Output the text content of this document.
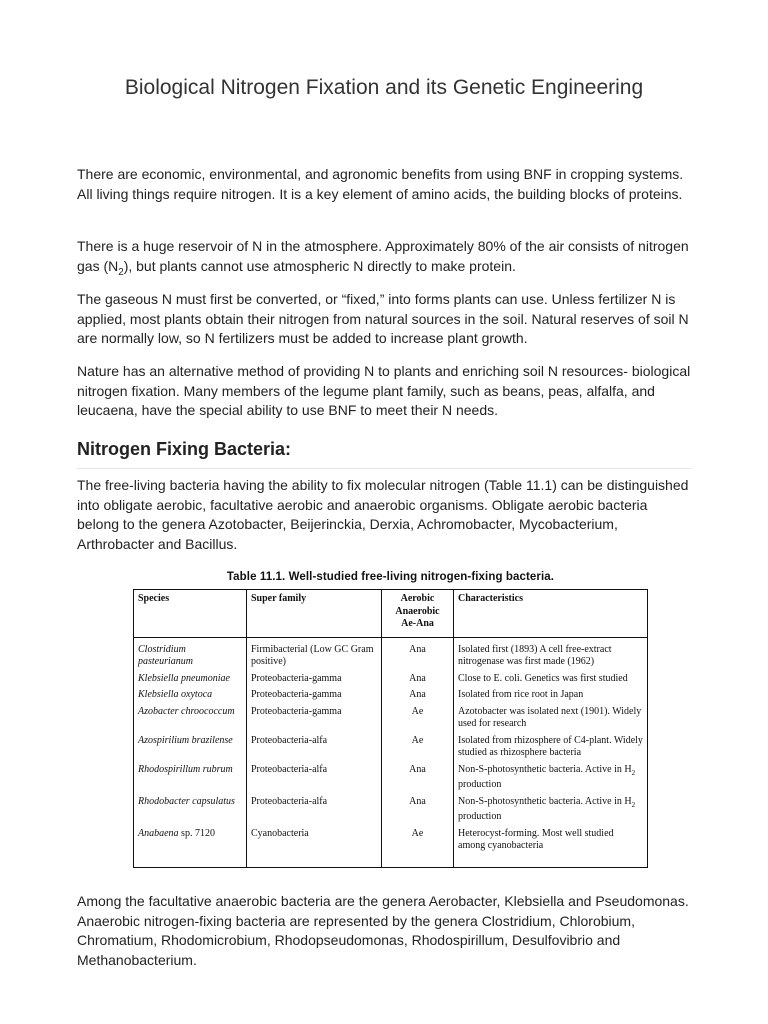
Biological Nitrogen Fixation and its Genetic Engineering

There are economic, environmental, and agronomic benefits from using BNF in cropping systems. All living things require nitrogen. It is a key element of amino acids, the building blocks of proteins.

There is a huge reservoir of N in the atmosphere. Approximately 80% of the air consists of nitrogen gas $(N_2)$, but plants cannot use atmospheric N directly to make protein.

The gaseous N must first be converted, or “fixed,” into forms plants can use. Unless fertilizer N is applied, most plants obtain their nitrogen from natural sources in the soil. Natural reserves of soil N are normally low, so N fertilizers must be added to increase plant growth.

Nature has an alternative method of providing N to plants and enriching soil N resources- biological nitrogen fixation. Many members of the legume plant family, such as beans, peas, alfalfa, and leucaena, have the special ability to use BNF to meet their N needs.

Nitrogen Fixing Bacteria:

The free-living bacteria having the ability to fix molecular nitrogen (Table 11.1) can be distinguished into obligate aerobic, facultative aerobic and anaerobic organisms. Obligate aerobic bacteria belong to the genera Azotobacter, Beijerinckia, Derxia, Achromobacter, Mycobacterium, Arthrobacter and Bacillus.

Table 11.1. Well-studied free-living nitrogen-fixing bacteria.
Species	Super family	Aerobic
Anaerobic
Ae-Ana	Characteristics
Clostridium pasteurianum	Firmibacterial (Low GC Gram positive)	Ana	Isolated first (1893) A cell free-extract nitrogenase was first made (1962)
Klebsiella pneumoniae	Proteobacteria-gamma	Ana	Close to E. coli. Genetics was first studied
Klebsiella oxytoca	Proteobacteria-gamma	Ana	Isolated from rice root in Japan
Azobacter chroococcum	Proteobacteria-gamma	Ae	Azotobacter was isolated next (1901). Widely used for research
Azospirilium brazilense	Proteobacteria-alfa	Ae	Isolated from rhizosphere of C4-plant. Widely studied as rhizosphere bacteria
Rhodospirillum rubrum	Proteobacteria-alfa	Ana	Non-S-photosynthetic bacteria. Active in $H_2$ production
Rhodobacter capsulatus	Proteobacteria-alfa	Ana	Non-S-photosynthetic bacteria. Active in $H_2$ production
Anabaena sp. 7120	Cyanobacteria	Ae	Heterocyst-forming. Most well studied among cyanobacteria

Among the facultative anaerobic bacteria are the genera Aerobacter, Klebsiella and Pseudomonas. Anaerobic nitrogen-fixing bacteria are represented by the genera Clostridium, Chlorobium, Chromatium, Rhodomicrobium, Rhodopseudomonas, Rhodospirillum, Desulfovibrio and Methanobacterium.
